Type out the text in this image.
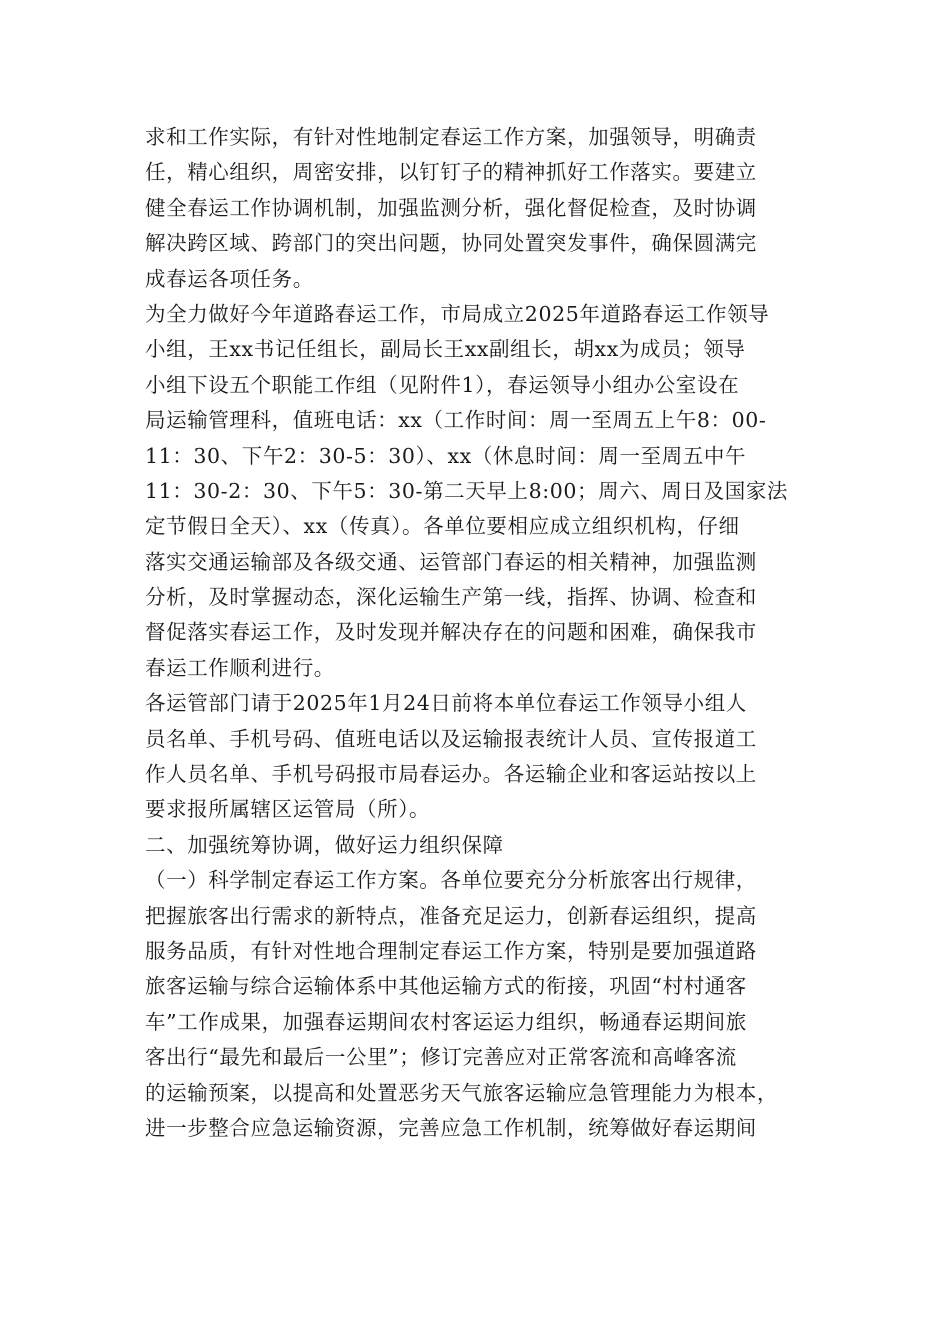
求和工作实际，有针对性地制定春运工作方案，加强领导，明确责
任，精心组织，周密安排，以钉钉子的精神抓好工作落实。要建立
健全春运工作协调机制，加强监测分析，强化督促检查，及时协调
解决跨区域、跨部门的突出问题，协同处置突发事件，确保圆满完
成春运各项任务。
为全力做好今年道路春运工作，市局成立2025年道路春运工作领导
小组，王xx书记任组长，副局长王xx副组长，胡xx为成员；领导
小组下设五个职能工作组（见附件1），春运领导小组办公室设在
局运输管理科，值班电话：xx（工作时间：周一至周五上午8：00-
11：30、下午2：30-5：30）、xx（休息时间：周一至周五中午
11：30-2：30、下午5：30-第二天早上8:00；周六、周日及国家法
定节假日全天）、xx（传真）。各单位要相应成立组织机构，仔细
落实交通运输部及各级交通、运管部门春运的相关精神，加强监测
分析，及时掌握动态，深化运输生产第一线，指挥、协调、检查和
督促落实春运工作，及时发现并解决存在的问题和困难，确保我市
春运工作顺利进行。
各运管部门请于2025年1月24日前将本单位春运工作领导小组人
员名单、手机号码、值班电话以及运输报表统计人员、宣传报道工
作人员名单、手机号码报市局春运办。各运输企业和客运站按以上
要求报所属辖区运管局（所）。
二、加强统筹协调，做好运力组织保障
（一）科学制定春运工作方案。各单位要充分分析旅客出行规律，
把握旅客出行需求的新特点，准备充足运力，创新春运组织，提高
服务品质，有针对性地合理制定春运工作方案，特别是要加强道路
旅客运输与综合运输体系中其他运输方式的衔接，巩固“村村通客
车”工作成果，加强春运期间农村客运运力组织，畅通春运期间旅
客出行“最先和最后一公里”；修订完善应对正常客流和高峰客流
的运输预案，以提高和处置恶劣天气旅客运输应急管理能力为根本，
进一步整合应急运输资源，完善应急工作机制，统筹做好春运期间
